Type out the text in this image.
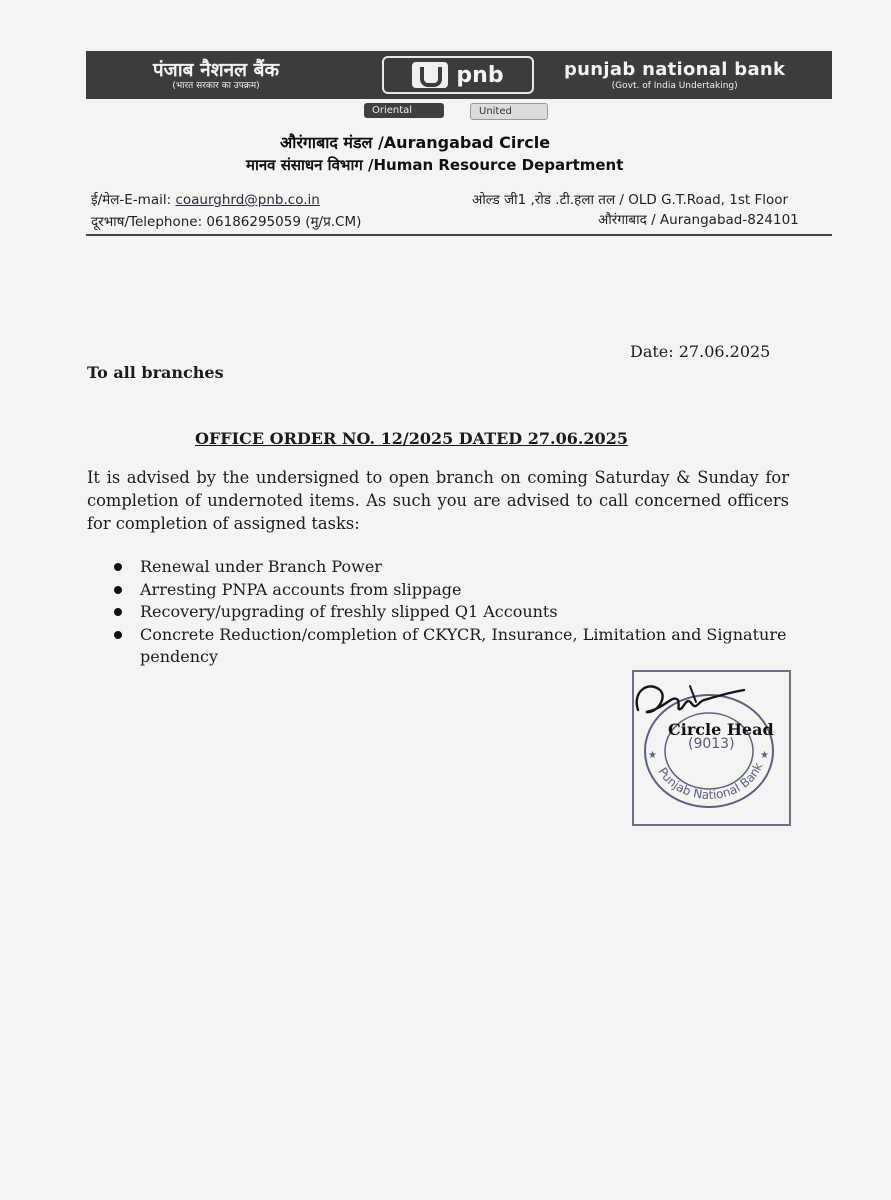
पंजाब नैशनल बैंक
(भारत सरकार का उपक्रम)	pnb	punjab national bank
(Govt. of India Undertaking)
Oriental	United
औरंगाबाद मंडल /Aurangabad Circle
मानव संसाधन विभाग /Human Resource Department
ई/मेल-E-mail: coaurghrd@pnb.co.in
दूरभाष/Telephone: 06186295059 (मु/प्र.CM)
ओल्ड जी1 ,रोड .टी.हला तल / OLD G.T.Road, 1st Floor
औरंगाबाद / Aurangabad-824101
Date: 27.06.2025
To all branches
OFFICE ORDER NO. 12/2025 DATED 27.06.2025
It is advised by the undersigned to open branch on coming Saturday & Sunday for completion of undernoted items. As such you are advised to call concerned officers for completion of assigned tasks:
Renewal under Branch Power
Arresting PNPA accounts from slippage
Recovery/upgrading of freshly slipped Q1 Accounts
Concrete Reduction/completion of CKYCR, Insurance, Limitation and Signature pendency
★	★
Punjab National Bank
(9013)
Circle Head
